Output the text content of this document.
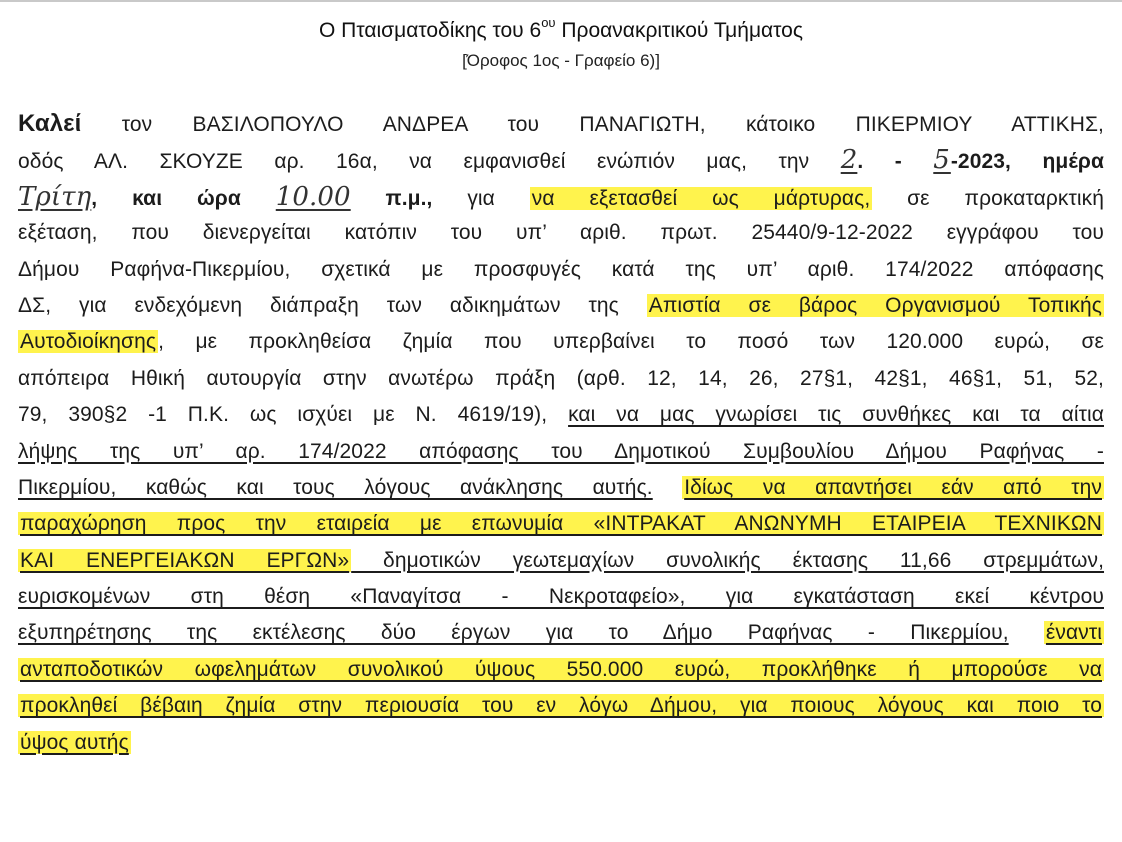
Ο Πταισματοδίκης του $6^{o\upsilon}$ Προανακριτικού Τμήματος
[Όροφος 1ος - Γραφείο 6)]
Καλεί τον ΒΑΣΙΛΟΠΟΥΛΟ ΑΝΔΡΕΑ του ΠΑΝΑΓΙΩΤΗ, κάτοικο ΠΙΚΕΡΜΙΟΥ ΑΤΤΙΚΗΣ,
οδός ΑΛ. ΣΚΟΥΖΕ αρ. 16α, να εμφανισθεί ενώπιόν μας, την 2. - 5-2023, ημέρα
Τρίτη, και ώρα 10.00 π.μ., για να εξετασθεί ως μάρτυρας, σε προκαταρκτική
εξέταση, που διενεργείται κατόπιν του υπ’ αριθ. πρωτ. 25440/9-12-2022 εγγράφου του
Δήμου Ραφήνα-Πικερμίου, σχετικά με προσφυγές κατά της υπ’ αριθ. 174/2022 απόφασης
ΔΣ, για ενδεχόμενη διάπραξη των αδικημάτων της Απιστία σε βάρος Οργανισμού Τοπικής
Αυτοδιοίκησης, με προκληθείσα ζημία που υπερβαίνει το ποσό των 120.000 ευρώ, σε
απόπειρα Ηθική αυτουργία στην ανωτέρω πράξη (αρθ. 12, 14, 26, 27§1, 42§1, 46§1, 51, 52,
79, 390§2 -1 Π.Κ. ως ισχύει με Ν. 4619/19), και να μας γνωρίσει τις συνθήκες και τα αίτια
λήψης της υπ’ αρ. 174/2022 απόφασης του Δημοτικού Συμβουλίου Δήμου Ραφήνας -
Πικερμίου, καθώς και τους λόγους ανάκλησης αυτής. Ιδίως να απαντήσει εάν από την
παραχώρηση προς την εταιρεία με επωνυμία «ΙΝΤΡΑΚΑΤ ΑΝΩΝΥΜΗ ΕΤΑΙΡΕΙΑ ΤΕΧΝΙΚΩΝ
ΚΑΙ ΕΝΕΡΓΕΙΑΚΩΝ ΕΡΓΩΝ» δημοτικών γεωτεμαχίων συνολικής έκτασης 11,66 στρεμμάτων,
ευρισκομένων στη θέση «Παναγίτσα - Νεκροταφείο», για εγκατάσταση εκεί κέντρου
εξυπηρέτησης της εκτέλεσης δύο έργων για το Δήμο Ραφήνας - Πικερμίου, έναντι
ανταποδοτικών ωφελημάτων συνολικού ύψους 550.000 ευρώ, προκλήθηκε ή μπορούσε να
προκληθεί βέβαιη ζημία στην περιουσία του εν λόγω Δήμου, για ποιους λόγους και ποιο το
ύψος αυτής
